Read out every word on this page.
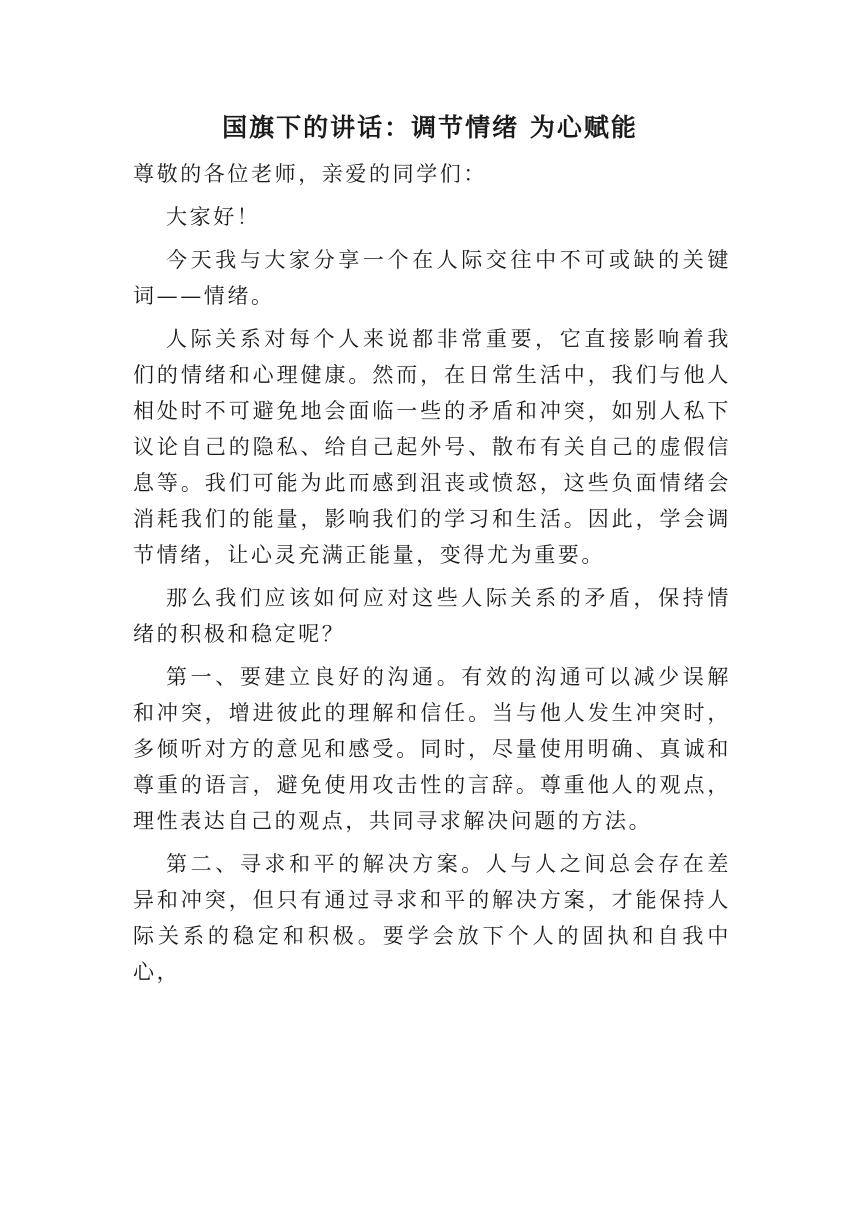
国旗下的讲话：调节情绪 为心赋能

尊敬的各位老师，亲爱的同学们：

大家好！

今天我与大家分享一个在人际交往中不可或缺的关键词——情绪。

人际关系对每个人来说都非常重要，它直接影响着我们的情绪和心理健康。然而，在日常生活中，我们与他人相处时不可避免地会面临一些的矛盾和冲突，如别人私下议论自己的隐私、给自己起外号、散布有关自己的虚假信息等。我们可能为此而感到沮丧或愤怒，这些负面情绪会消耗我们的能量，影响我们的学习和生活。因此，学会调节情绪，让心灵充满正能量，变得尤为重要。

那么我们应该如何应对这些人际关系的矛盾，保持情绪的积极和稳定呢？

第一、要建立良好的沟通。有效的沟通可以减少误解和冲突，增进彼此的理解和信任。当与他人发生冲突时，多倾听对方的意见和感受。同时，尽量使用明确、真诚和尊重的语言，避免使用攻击性的言辞。尊重他人的观点，理性表达自己的观点，共同寻求解决问题的方法。

第二、寻求和平的解决方案。人与人之间总会存在差异和冲突，但只有通过寻求和平的解决方案，才能保持人际关系的稳定和积极。要学会放下个人的固执和自我中心，
